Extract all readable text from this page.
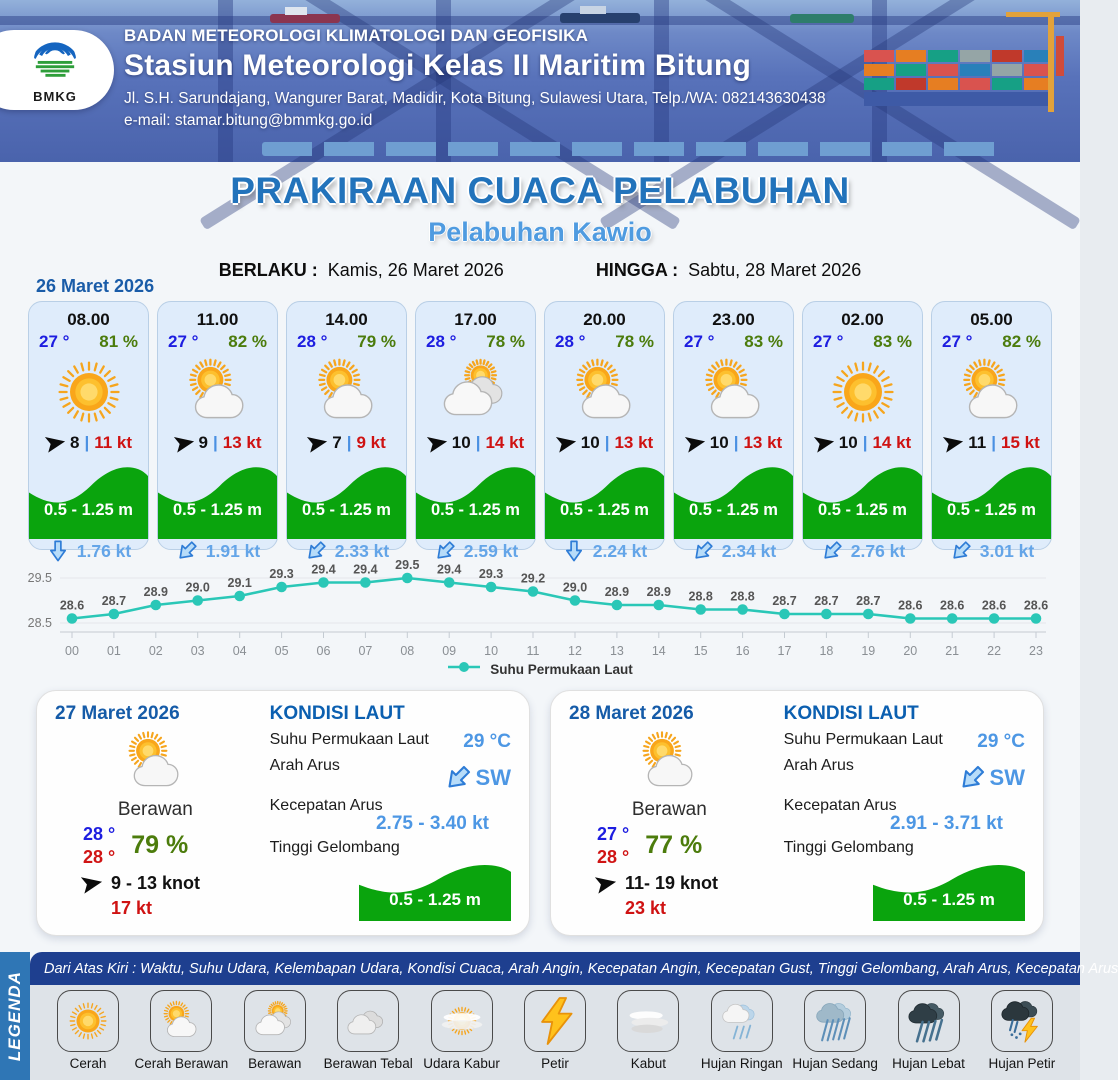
BMKG
BADAN METEOROLOGI KLIMATOLOGI DAN GEOFISIKA
Stasiun Meteorologi Kelas II Maritim Bitung
Jl. S.H. Sarundajang, Wangurer Barat, Madidir, Kota Bitung, Sulawesi Utara, Telp./WA: 082143630438
e-mail: stamar.bitung@bmmkg.go.id
PRAKIRAAN CUACA PELABUHAN
Pelabuhan Kawio
BERLAKU : Kamis, 26 Maret 2026	HINGGA : Sabtu, 28 Maret 2026
26 Maret 2026
08.00
27 ° 81 %
8 | 11 kt
0.5 - 1.25 m
1.76 kt
11.00
27 ° 82 %
9 | 13 kt
0.5 - 1.25 m
1.91 kt
14.00
28 ° 79 %
7 | 9 kt
0.5 - 1.25 m
2.33 kt
17.00
28 ° 78 %
10 | 14 kt
0.5 - 1.25 m
2.59 kt
20.00
28 ° 78 %
10 | 13 kt
0.5 - 1.25 m
2.24 kt
23.00
27 ° 83 %
10 | 13 kt
0.5 - 1.25 m
2.34 kt
02.00
27 ° 83 %
10 | 14 kt
0.5 - 1.25 m
2.76 kt
05.00
27 ° 82 %
11 | 15 kt
0.5 - 1.25 m
3.01 kt
29.5
28.5
00 01 02 03 04 05 06 07 08 09 10 11 12 13 14 15 16 17 18 19 20 21 22 23
28.6 28.7
28.9 29.0 29.1
29.3 29.4 29.4 29.5 29.4 29.3 29.2
29.0 28.9 28.9 28.8 28.8 28.7 28.7 28.7 28.6 28.6 28.6 28.6
Suhu Permukaan Laut
27 Maret 2026
Berawan
28 °
28 ° 79 %
9 - 13 knot
17 kt
KONDISI LAUT
Suhu Permukaan Laut 29 °C
Arah Arus	SW
Kecepatan Arus
2.75 - 3.40 kt
Tinggi Gelombang
0.5 - 1.25 m
28 Maret 2026
Berawan
27 °
28 ° 77 %
11- 19 knot
23 kt
KONDISI LAUT
Suhu Permukaan Laut 29 °C
Arah Arus	SW
Kecepatan Arus
2.91 - 3.71 kt
Tinggi Gelombang
0.5 - 1.25 m
LEGENDA
Dari Atas Kiri : Waktu, Suhu Udara, Kelembapan Udara, Kondisi Cuaca, Arah Angin, Kecepatan Angin, Kecepatan Gust, Tinggi Gelombang, Arah Arus, Kecepatan Arus
Cerah Cerah Berawan Berawan Berawan Tebal Udara Kabur	Petir	Kabut	Hujan Ringan Hujan Sedang Hujan Lebat Hujan Petir
